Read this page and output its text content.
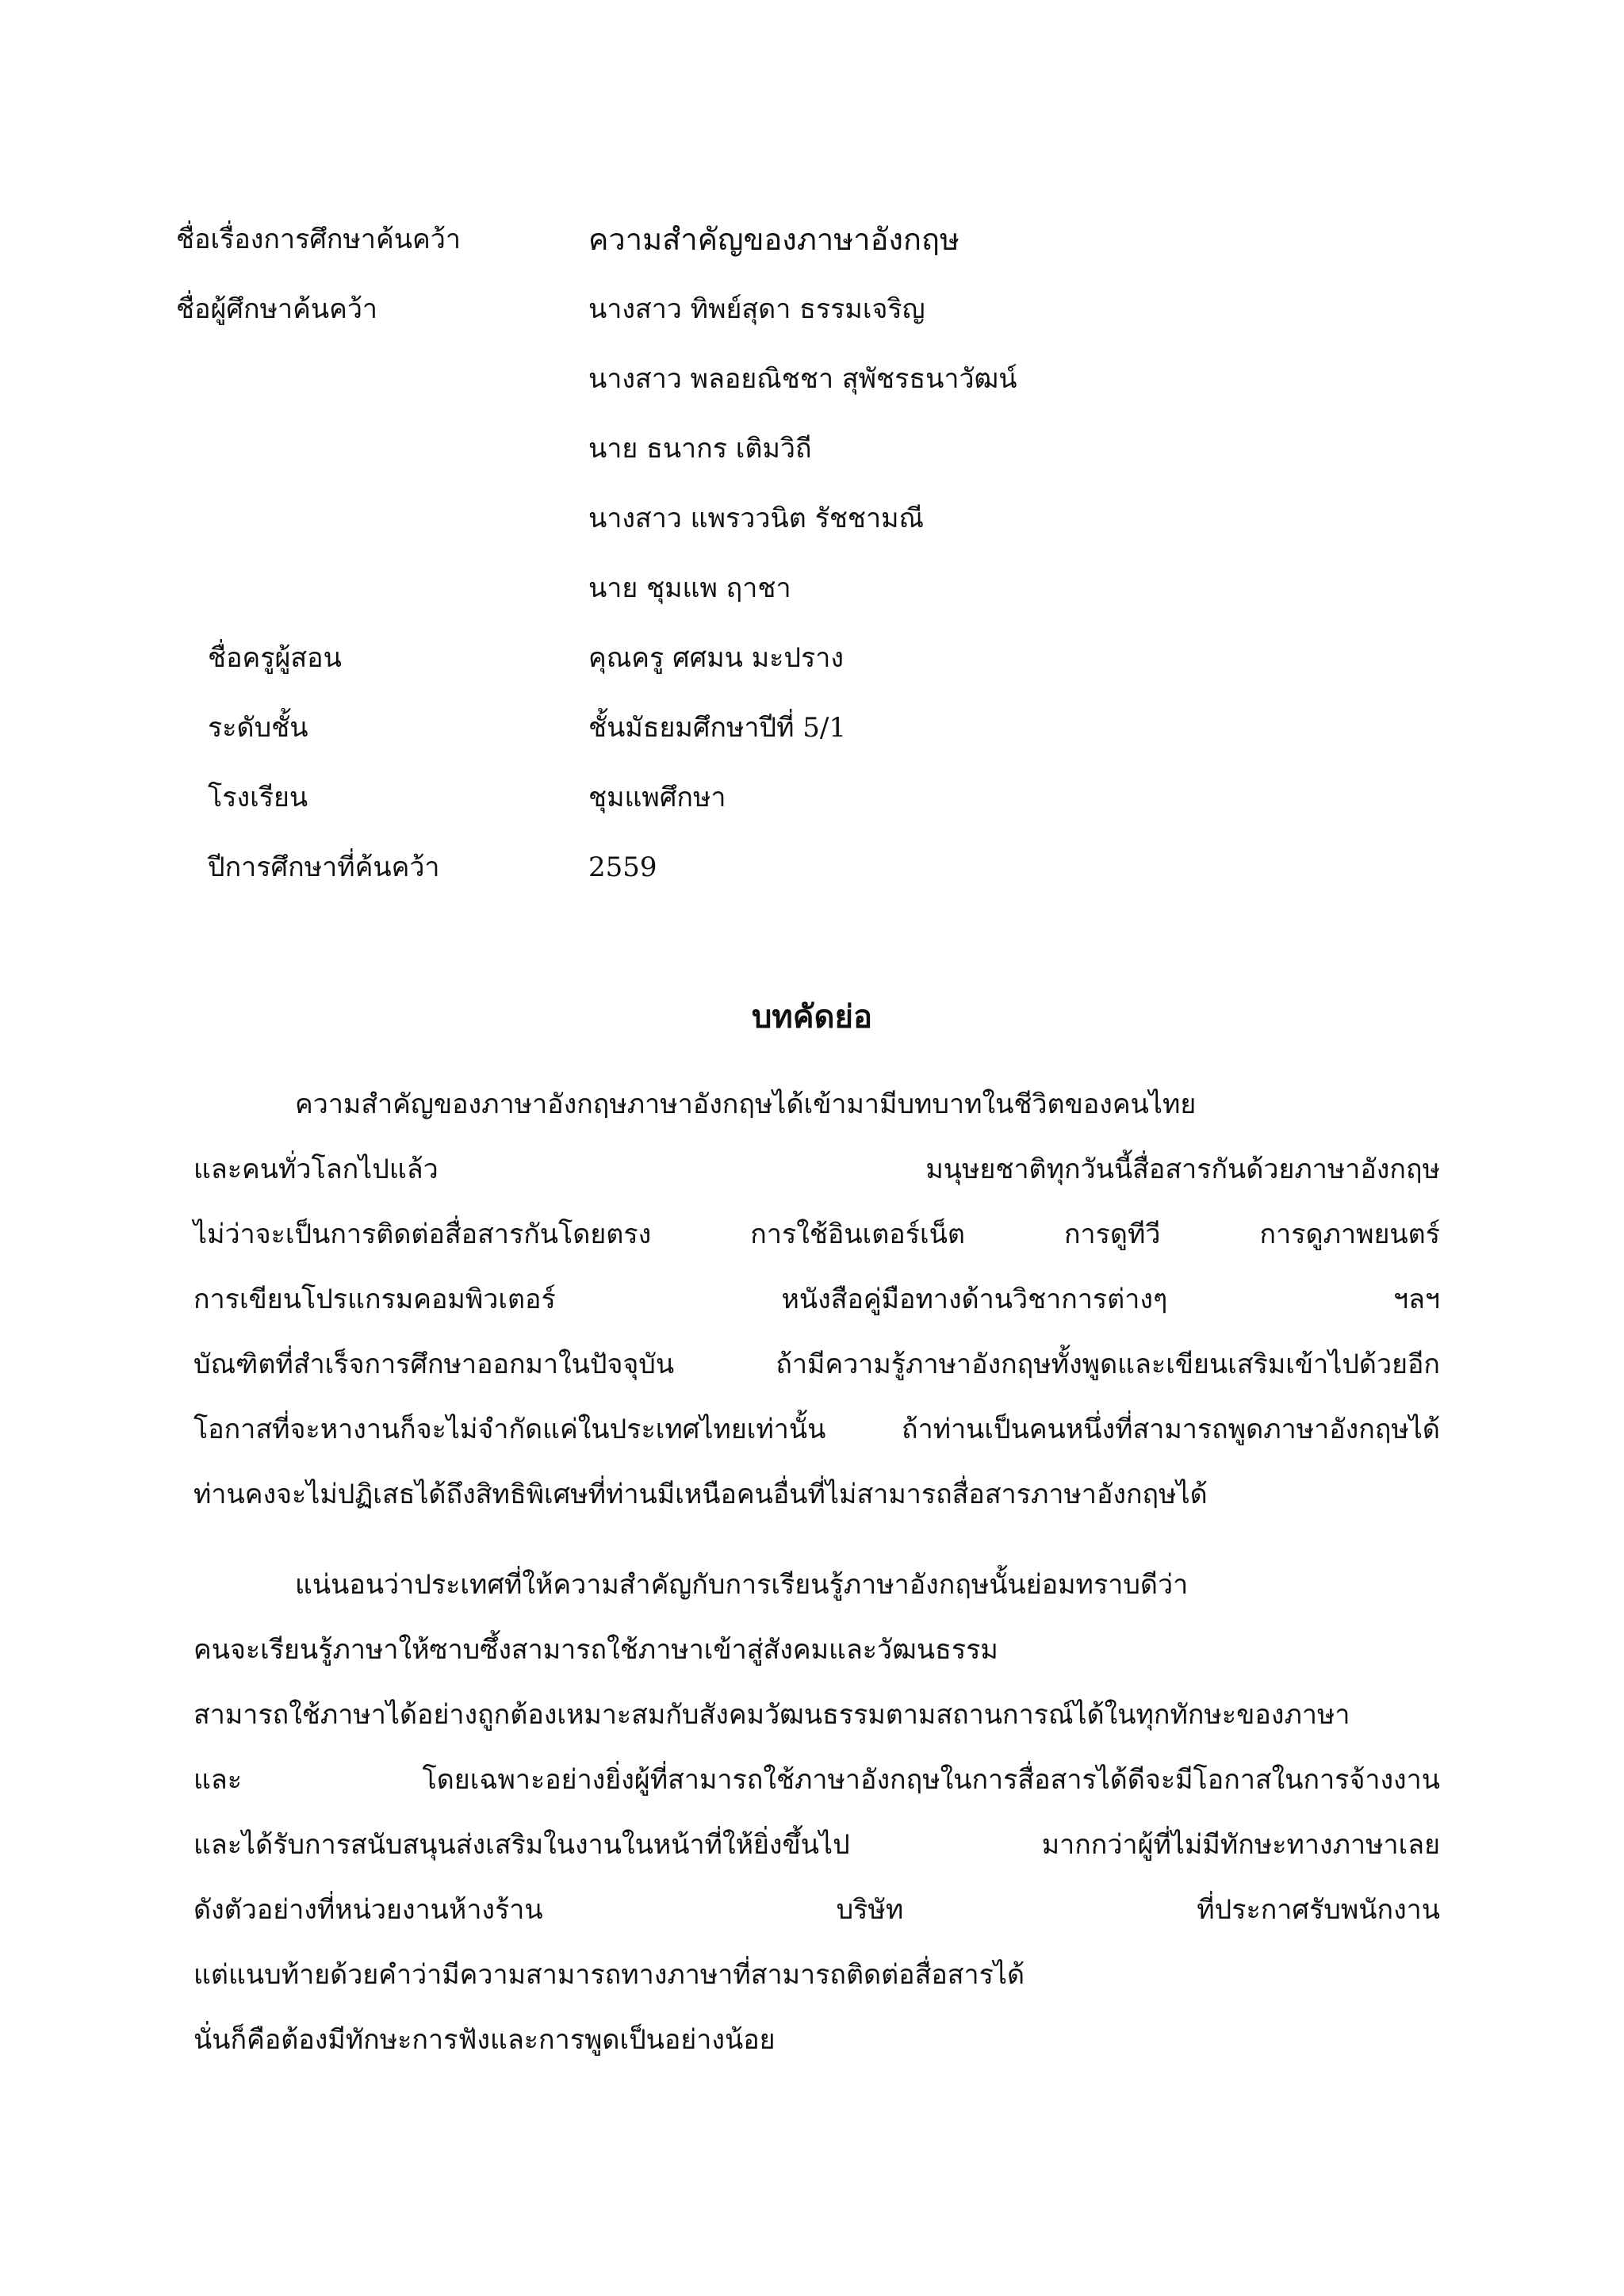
ชื่อเรื่องการศึกษาค้นคว้า	ความสำคัญของภาษาอังกฤษ
ชื่อผู้ศึกษาค้นคว้า	นางสาว ทิพย์สุดา ธรรมเจริญ
นางสาว พลอยณิชชา สุพัชรธนาวัฒน์
นาย ธนากร เติมวิถี
นางสาว แพรววนิต รัชชามณี
นาย ชุมแพ ฤาชา
ชื่อครูผู้สอน	คุณครู ศศมน มะปราง
ระดับชั้น	ชั้นมัธยมศึกษาปีที่ 5/1
โรงเรียน	ชุมแพศึกษา
ปีการศึกษาที่ค้นคว้า	2559
บทคัดย่อ
ความสำคัญของภาษาอังกฤษภาษาอังกฤษได้เข้ามามีบทบาทในชีวิตของคนไทย
และคนทั่วโลกไปแล้ว มนุษยชาติทุกวันนี้สื่อสารกันด้วยภาษาอังกฤษ
ไม่ว่าจะเป็นการติดต่อสื่อสารกันโดยตรง การใช้อินเตอร์เน็ต การดูทีวี การดูภาพยนตร์
การเขียนโปรแกรมคอมพิวเตอร์ หนังสือคู่มือทางด้านวิชาการต่างๆ ฯลฯ
บัณฑิตที่สำเร็จการศึกษาออกมาในปัจจุบัน ถ้ามีความรู้ภาษาอังกฤษทั้งพูดและเขียนเสริมเข้าไปด้วยอีก
โอกาสที่จะหางานก็จะไม่จำกัดแค่ในประเทศไทยเท่านั้น ถ้าท่านเป็นคนหนึ่งที่สามารถพูดภาษาอังกฤษได้
ท่านคงจะไม่ปฏิเสธได้ถึงสิทธิพิเศษที่ท่านมีเหนือคนอื่นที่ไม่สามารถสื่อสารภาษาอังกฤษได้
แน่นอนว่าประเทศที่ให้ความสำคัญกับการเรียนรู้ภาษาอังกฤษนั้นย่อมทราบดีว่า
คนจะเรียนรู้ภาษาให้ซาบซึ้งสามารถใช้ภาษาเข้าสู่สังคมและวัฒนธรรม
สามารถใช้ภาษาได้อย่างถูกต้องเหมาะสมกับสังคมวัฒนธรรมตามสถานการณ์ได้ในทุกทักษะของภาษา
และ โดยเฉพาะอย่างยิ่งผู้ที่สามารถใช้ภาษาอังกฤษในการสื่อสารได้ดีจะมีโอกาสในการจ้างงาน
และได้รับการสนับสนุนส่งเสริมในงานในหน้าที่ให้ยิ่งขึ้นไป มากกว่าผู้ที่ไม่มีทักษะทางภาษาเลย
ดังตัวอย่างที่หน่วยงานห้างร้าน บริษัท ที่ประกาศรับพนักงาน
แต่แนบท้ายด้วยคำว่ามีความสามารถทางภาษาที่สามารถติดต่อสื่อสารได้
นั่นก็คือต้องมีทักษะการฟังและการพูดเป็นอย่างน้อย
